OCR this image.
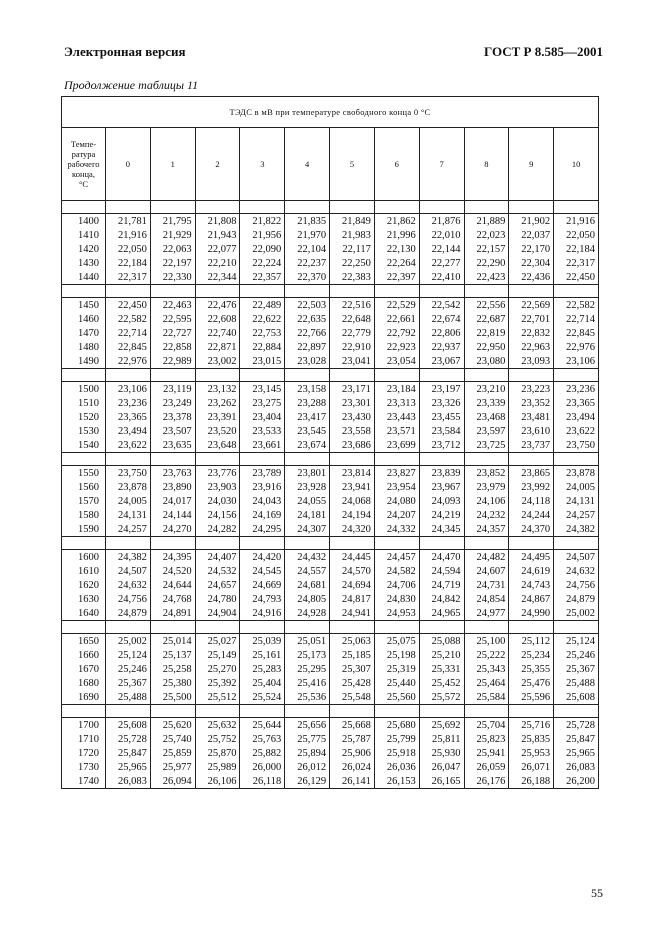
Электронная версия	ГОСТ Р 8.585—2001
Продолжение таблицы 11
ТЭДС в мВ при температуре свободного конца 0 °С											
Темпе-
ратура
рабочего
конца,
°С	0	1	2	3	4	5	6	7	8	9	10

1400	21,781	21,795	21,808	21,822	21,835	21,849	21,862	21,876	21,889	21,902	21,916
1410	21,916	21,929	21,943	21,956	21,970	21,983	21,996	22,010	22,023	22,037	22,050
1420	22,050	22,063	22,077	22,090	22,104	22,117	22,130	22,144	22,157	22,170	22,184
1430	22,184	22,197	22,210	22,224	22,237	22,250	22,264	22,277	22,290	22,304	22,317
1440	22,317	22,330	22,344	22,357	22,370	22,383	22,397	22,410	22,423	22,436	22,450

1450	22,450	22,463	22,476	22,489	22,503	22,516	22,529	22,542	22,556	22,569	22,582
1460	22,582	22,595	22,608	22,622	22,635	22,648	22,661	22,674	22,687	22,701	22,714
1470	22,714	22,727	22,740	22,753	22,766	22,779	22,792	22,806	22,819	22,832	22,845
1480	22,845	22,858	22,871	22,884	22,897	22,910	22,923	22,937	22,950	22,963	22,976
1490	22,976	22,989	23,002	23,015	23,028	23,041	23,054	23,067	23,080	23,093	23,106

1500	23,106	23,119	23,132	23,145	23,158	23,171	23,184	23,197	23,210	23,223	23,236
1510	23,236	23,249	23,262	23,275	23,288	23,301	23,313	23,326	23,339	23,352	23,365
1520	23,365	23,378	23,391	23,404	23,417	23,430	23,443	23,455	23,468	23,481	23,494
1530	23,494	23,507	23,520	23,533	23,545	23,558	23,571	23,584	23,597	23,610	23,622
1540	23,622	23,635	23,648	23,661	23,674	23,686	23,699	23,712	23,725	23,737	23,750

1550	23,750	23,763	23,776	23,789	23,801	23,814	23,827	23,839	23,852	23,865	23,878
1560	23,878	23,890	23,903	23,916	23,928	23,941	23,954	23,967	23,979	23,992	24,005
1570	24,005	24,017	24,030	24,043	24,055	24,068	24,080	24,093	24,106	24,118	24,131
1580	24,131	24,144	24,156	24,169	24,181	24,194	24,207	24,219	24,232	24,244	24,257
1590	24,257	24,270	24,282	24,295	24,307	24,320	24,332	24,345	24,357	24,370	24,382

1600	24,382	24,395	24,407	24,420	24,432	24,445	24,457	24,470	24,482	24,495	24,507
1610	24,507	24,520	24,532	24,545	24,557	24,570	24,582	24,594	24,607	24,619	24,632
1620	24,632	24,644	24,657	24,669	24,681	24,694	24,706	24,719	24,731	24,743	24,756
1630	24,756	24,768	24,780	24,793	24,805	24,817	24,830	24,842	24,854	24,867	24,879
1640	24,879	24,891	24,904	24,916	24,928	24,941	24,953	24,965	24,977	24,990	25,002

1650	25,002	25,014	25,027	25,039	25,051	25,063	25,075	25,088	25,100	25,112	25,124
1660	25,124	25,137	25,149	25,161	25,173	25,185	25,198	25,210	25,222	25,234	25,246
1670	25,246	25,258	25,270	25,283	25,295	25,307	25,319	25,331	25,343	25,355	25,367
1680	25,367	25,380	25,392	25,404	25,416	25,428	25,440	25,452	25,464	25,476	25,488
1690	25,488	25,500	25,512	25,524	25,536	25,548	25,560	25,572	25,584	25,596	25,608

1700	25,608	25,620	25,632	25,644	25,656	25,668	25,680	25,692	25,704	25,716	25,728
1710	25,728	25,740	25,752	25,763	25,775	25,787	25,799	25,811	25,823	25,835	25,847
1720	25,847	25,859	25,870	25,882	25,894	25,906	25,918	25,930	25,941	25,953	25,965
1730	25,965	25,977	25,989	26,000	26,012	26,024	26,036	26,047	26,059	26,071	26,083
1740	26,083	26,094	26,106	26,118	26,129	26,141	26,153	26,165	26,176	26,188	26,200
55
